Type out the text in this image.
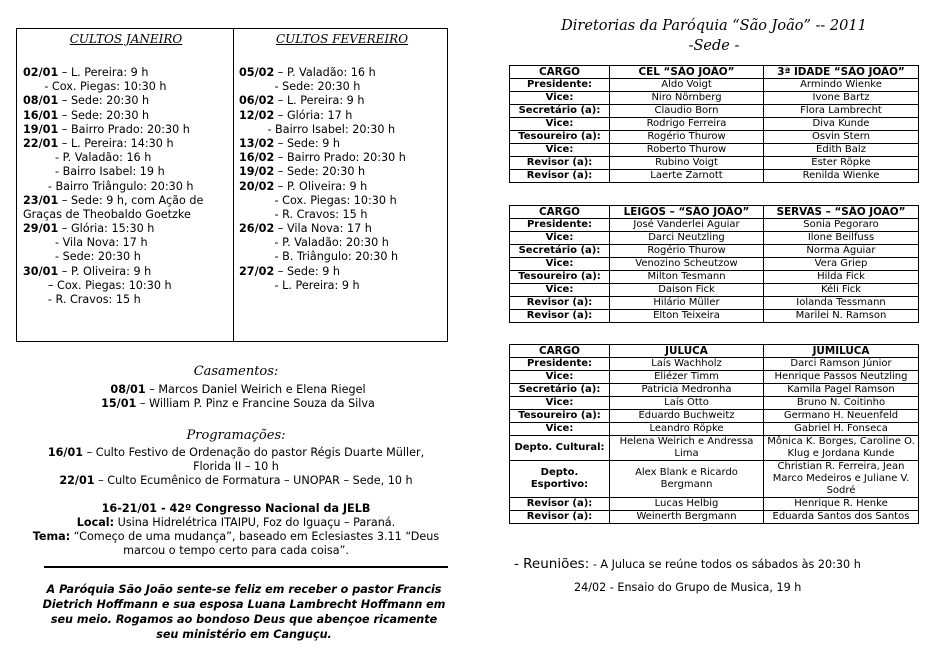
CULTOS JANEIRO
02/01 – L. Pereira: 9 h
- Cox. Piegas: 10:30 h
08/01 – Sede: 20:30 h
16/01 – Sede: 20:30 h
19/01 – Bairro Prado: 20:30 h
22/01 – L. Pereira: 14:30 h
- P. Valadão: 16 h
- Bairro Isabel: 19 h
- Bairro Triângulo: 20:30 h
23/01 – Sede: 9 h, com Ação de
Graças de Theobaldo Goetzke
29/01 – Glória: 15:30 h
- Vila Nova: 17 h
- Sede: 20:30 h
30/01 – P. Oliveira: 9 h
– Cox. Piegas: 10:30 h
- R. Cravos: 15 h
CULTOS FEVEREIRO
05/02 – P. Valadão: 16 h
- Sede: 20:30 h
06/02 – L. Pereira: 9 h
12/02 – Glória: 17 h
- Bairro Isabel: 20:30 h
13/02 – Sede: 9 h
16/02 – Bairro Prado: 20:30 h
19/02 – Sede: 20:30 h
20/02 – P. Oliveira: 9 h
- Cox. Piegas: 10:30 h
- R. Cravos: 15 h
26/02 – Vila Nova: 17 h
- P. Valadão: 20:30 h
- B. Triângulo: 20:30 h
27/02 – Sede: 9 h
- L. Pereira: 9 h
Casamentos:
08/01 – Marcos Daniel Weirich e Elena Riegel
15/01 – William P. Pinz e Francine Souza da Silva
Programações:
16/01 – Culto Festivo de Ordenação do pastor Régis Duarte Müller,
Florida II – 10 h
22/01 – Culto Ecumênico de Formatura – UNOPAR – Sede, 10 h
16-21/01 - 42º Congresso Nacional da JELB
Local: Usina Hidrelétrica ITAIPU, Foz do Iguaçu – Paraná.
Tema: “Começo de uma mudança”, baseado em Eclesiastes 3.11 “Deus
marcou o tempo certo para cada coisa”.
A Paróquia São João sente-se feliz em receber o pastor Francis
Dietrich Hoffmann e sua esposa Luana Lambrecht Hoffmann em
seu meio. Rogamos ao bondoso Deus que abençoe ricamente
seu ministério em Canguçu.
Diretorias da Paróquia “São João” -- 2011
-Sede -
CARGO	CEL “SÃO JOÃO”	3ª IDADE “SÃO JOÃO”
Presidente:	Aldo Voigt	Armindo Wienke
Vice:	Niro Nörnberg	Ivone Bartz
Secretário (a):	Claudio Born	Flora Lambrecht
Vice:	Rodrigo Ferreira	Diva Kunde
Tesoureiro (a):	Rogério Thurow	Osvin Stern
Vice:	Roberto Thurow	Edith Balz
Revisor (a):	Rubino Voigt	Ester Röpke
Revisor (a):	Laerte Zarnott	Renilda Wienke
CARGO	LEIGOS – “SÃO JOÃO”	SERVAS – “SÃO JOÃO”
Presidente:	José Vanderlei Aguiar	Sonia Pegoraro
Vice:	Darci Neutzling	Ilone Beilfuss
Secretário (a):	Rogério Thurow	Norma Aguiar
Vice:	Venozino Scheutzow	Vera Griep
Tesoureiro (a):	Milton Tesmann	Hilda Fick
Vice:	Daison Fick	Kéli Fick
Revisor (a):	Hilário Müller	Iolanda Tessmann
Revisor (a):	Elton Teixeira	Marilei N. Ramson
CARGO	JULUCA	JUMILUCA
Presidente:	Laís Wachholz	Darci Ramson Júnior
Vice:	Eliézer Timm	Henrique Passos Neutzling
Secretário (a):	Patricia Medronha	Kamila Pagel Ramson
Vice:	Laís Otto	Bruno N. Coitinho
Tesoureiro (a):	Eduardo Buchweitz	Germano H. Neuenfeld
Vice:	Leandro Röpke	Gabriel H. Fonseca
Depto. Cultural:	Helena Weirich e Andressa Lima	Mônica K. Borges, Caroline O. Klug e Jordana Kunde
Depto. Esportivo:	Alex Blank e Ricardo Bergmann	Christian R. Ferreira, Jean Marco Medeiros e Juliane V. Sodré
Revisor (a):	Lucas Helbig	Henrique R. Henke
Revisor (a):	Weinerth Bergmann	Eduarda Santos dos Santos
- Reuniões: - A Juluca se reúne todos os sábados às 20:30 h
24/02 - Ensaio do Grupo de Musica, 19 h
